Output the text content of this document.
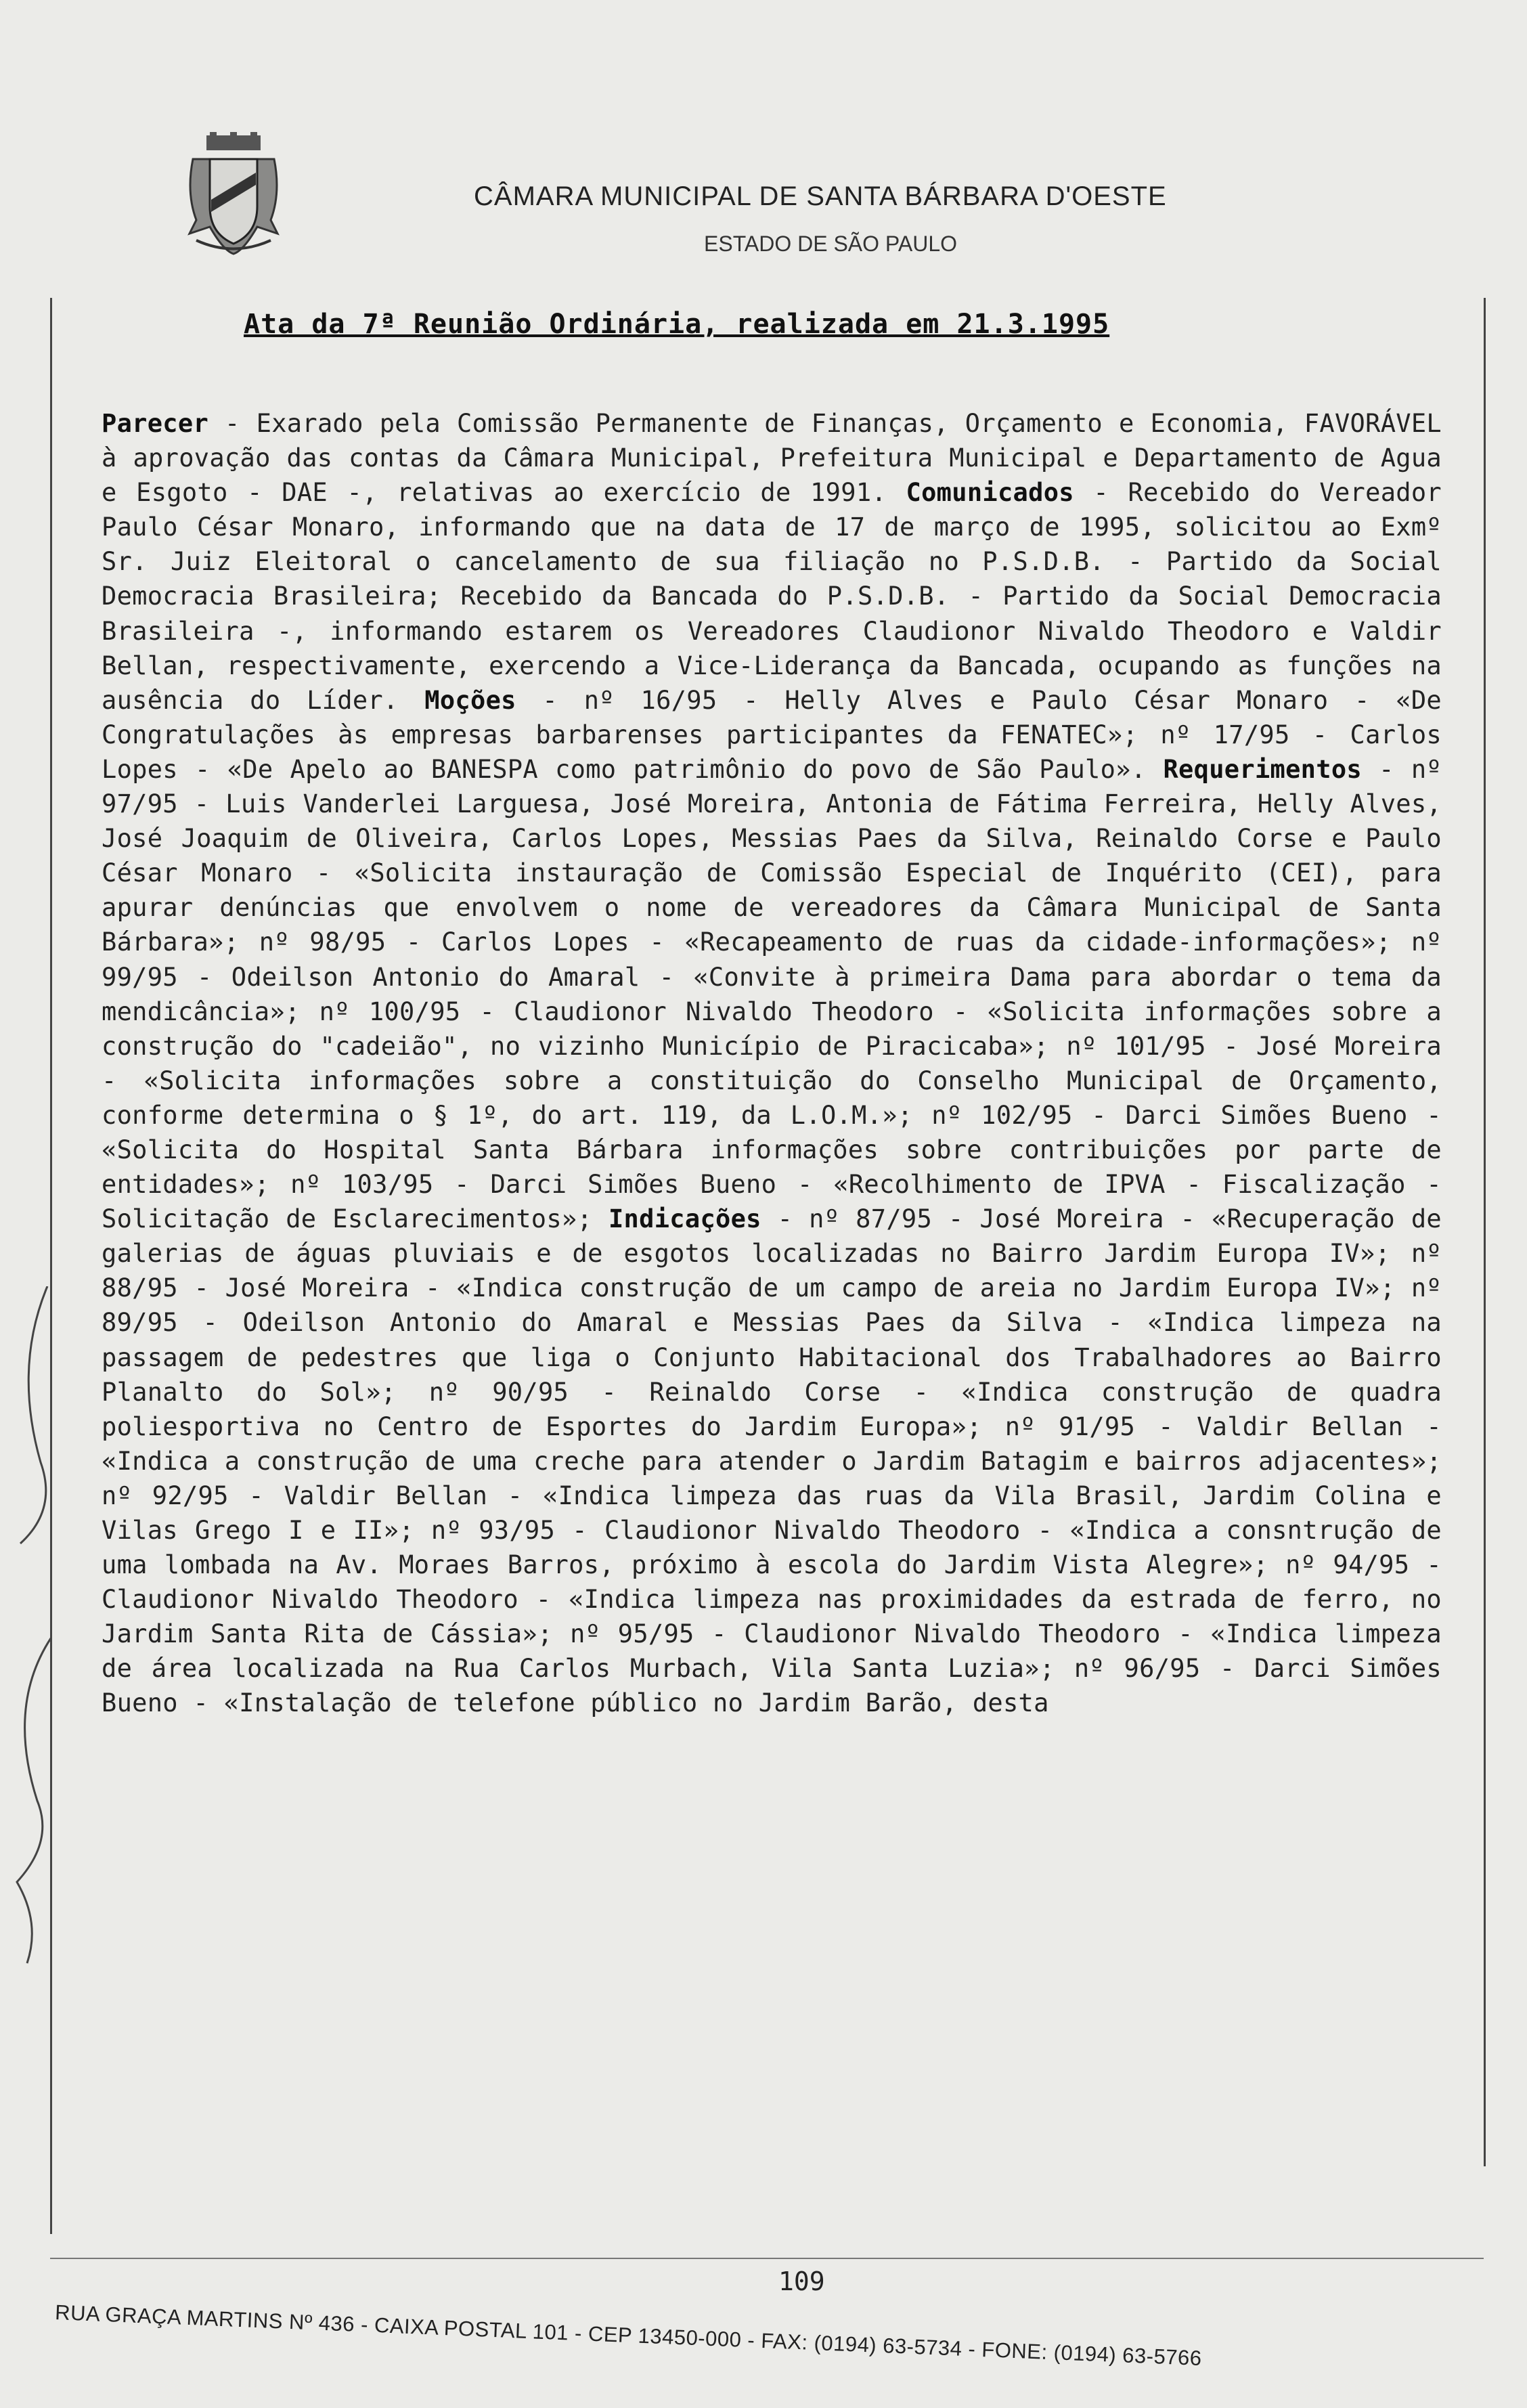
CÂMARA MUNICIPAL DE SANTA BÁRBARA D'OESTE
ESTADO DE SÃO PAULO
Ata da 7ª Reunião Ordinária, realizada em 21.3.1995
Parecer - Exarado pela Comissão Permanente de Finanças, Orçamento e Economia, FAVORÁVEL à aprovação das contas da Câmara Municipal, Prefeitura Municipal e Departamento de Agua e Esgoto - DAE -, relativas ao exercício de 1991. Comunicados - Recebido do Vereador Paulo César Monaro, informando que na data de 17 de março de 1995, solicitou ao Exmº Sr. Juiz Eleitoral o cancelamento de sua filiação no P.S.D.B. - Partido da Social Democracia Brasileira; Recebido da Bancada do P.S.D.B. - Partido da Social Democracia Brasileira -, informando estarem os Vereadores Claudionor Nivaldo Theodoro e Valdir Bellan, respectivamente, exercendo a Vice-Liderança da Bancada, ocupando as funções na ausência do Líder. Moções - nº 16/95 - Helly Alves e Paulo César Monaro - «De Congratulações às empresas barbarenses participantes da FENATEC»; nº 17/95 - Carlos Lopes - «De Apelo ao BANESPA como patrimônio do povo de São Paulo». Requerimentos - nº 97/95 - Luis Vanderlei Larguesa, José Moreira, Antonia de Fátima Ferreira, Helly Alves, José Joaquim de Oliveira, Carlos Lopes, Messias Paes da Silva, Reinaldo Corse e Paulo César Monaro - «Solicita instauração de Comissão Especial de Inquérito (CEI), para apurar denúncias que envolvem o nome de vereadores da Câmara Municipal de Santa Bárbara»; nº 98/95 - Carlos Lopes - «Recapeamento de ruas da cidade-informações»; nº 99/95 - Odeilson Antonio do Amaral - «Convite à primeira Dama para abordar o tema da mendicância»; nº 100/95 - Claudionor Nivaldo Theodoro - «Solicita informações sobre a construção do "cadeião", no vizinho Município de Piracicaba»; nº 101/95 - José Moreira - «Solicita informações sobre a constituição do Conselho Municipal de Orçamento, conforme determina o § 1º, do art. 119, da L.O.M.»; nº 102/95 - Darci Simões Bueno - «Solicita do Hospital Santa Bárbara informações sobre contribuições por parte de entidades»; nº 103/95 - Darci Simões Bueno - «Recolhimento de IPVA - Fiscalização - Solicitação de Esclarecimentos»; Indicações - nº 87/95 - José Moreira - «Recuperação de galerias de águas pluviais e de esgotos localizadas no Bairro Jardim Europa IV»; nº 88/95 - José Moreira - «Indica construção de um campo de areia no Jardim Europa IV»; nº 89/95 - Odeilson Antonio do Amaral e Messias Paes da Silva - «Indica limpeza na passagem de pedestres que liga o Conjunto Habitacional dos Trabalhadores ao Bairro Planalto do Sol»; nº 90/95 - Reinaldo Corse - «Indica construção de quadra poliesportiva no Centro de Esportes do Jardim Europa»; nº 91/95 - Valdir Bellan - «Indica a construção de uma creche para atender o Jardim Batagim e bairros adjacentes»; nº 92/95 - Valdir Bellan - «Indica limpeza das ruas da Vila Brasil, Jardim Colina e Vilas Grego I e II»; nº 93/95 - Claudionor Nivaldo Theodoro - «Indica a consntrução de uma lombada na Av. Moraes Barros, próximo à escola do Jardim Vista Alegre»; nº 94/95 - Claudionor Nivaldo Theodoro - «Indica limpeza nas proximidades da estrada de ferro, no Jardim Santa Rita de Cássia»; nº 95/95 - Claudionor Nivaldo Theodoro - «Indica limpeza de área localizada na Rua Carlos Murbach, Vila Santa Luzia»; nº 96/95 - Darci Simões Bueno - «Instalação de telefone público no Jardim Barão, desta
109
RUA GRAÇA MARTINS Nº 436 - CAIXA POSTAL 101 - CEP 13450-000 - FAX: (0194) 63-5734 - FONE: (0194) 63-5766
